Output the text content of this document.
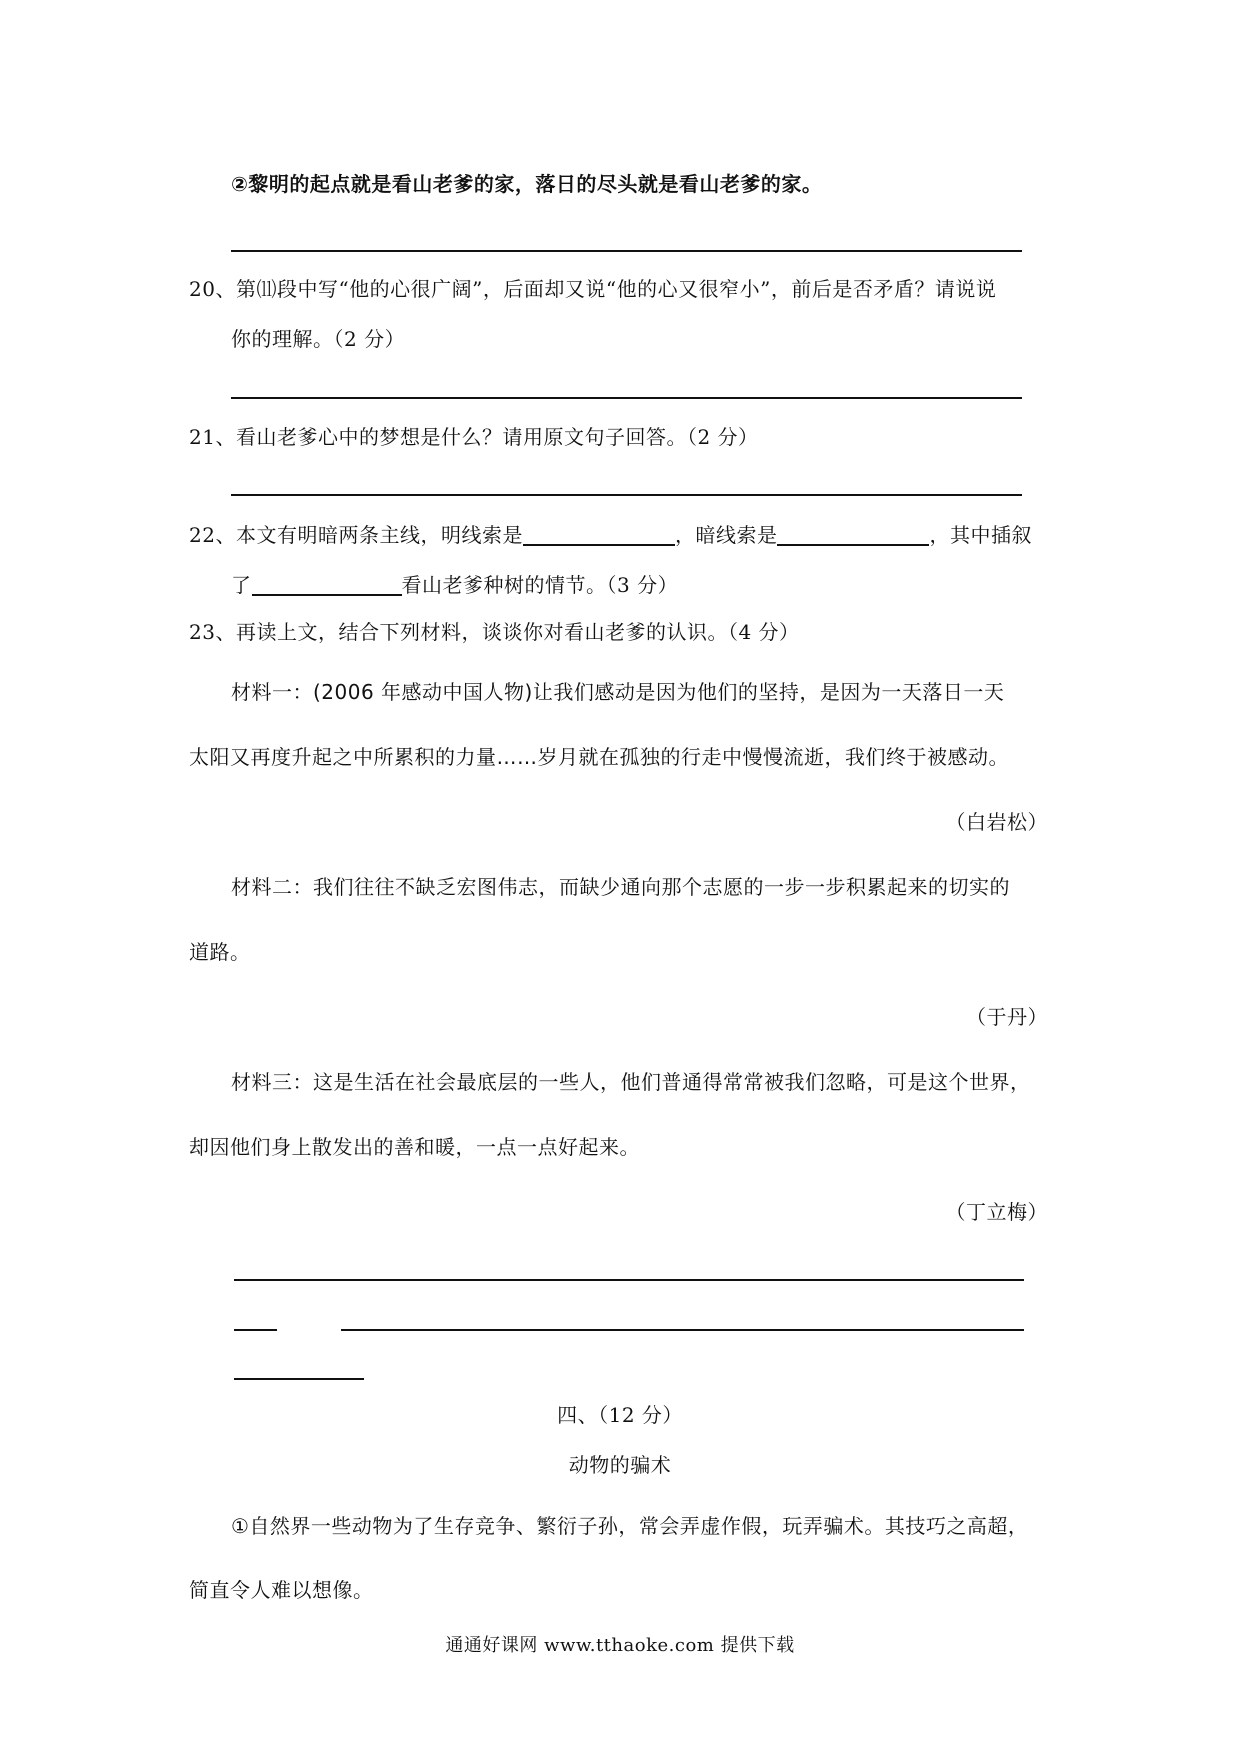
②黎明的起点就是看山老爹的家，落日的尽头就是看山老爹的家。
20、第⑾段中写“他的心很广阔”，后面却又说“他的心又很窄小”，前后是否矛盾？请说说
你的理解。（2 分）
21、看山老爹心中的梦想是什么？请用原文句子回答。（2 分）
22、本文有明暗两条主线，明线索是	，暗线索是	，其中插叙
了	看山老爹种树的情节。（3 分）
23、再读上文，结合下列材料，谈谈你对看山老爹的认识。（4 分）
材料一：(2006 年感动中国人物)让我们感动是因为他们的坚持，是因为一天落日一天
太阳又再度升起之中所累积的力量……岁月就在孤独的行走中慢慢流逝，我们终于被感动。
（白岩松）
材料二：我们往往不缺乏宏图伟志，而缺少通向那个志愿的一步一步积累起来的切实的
道路。
（于丹）
材料三：这是生活在社会最底层的一些人，他们普通得常常被我们忽略，可是这个世界，
却因他们身上散发出的善和暖，一点一点好起来。
（丁立梅）
四、（12 分）
动物的骗术
①自然界一些动物为了生存竞争、繁衍子孙，常会弄虚作假，玩弄骗术。其技巧之高超，
简直令人难以想像。
通通好课网 www.tthaoke.com 提供下载
